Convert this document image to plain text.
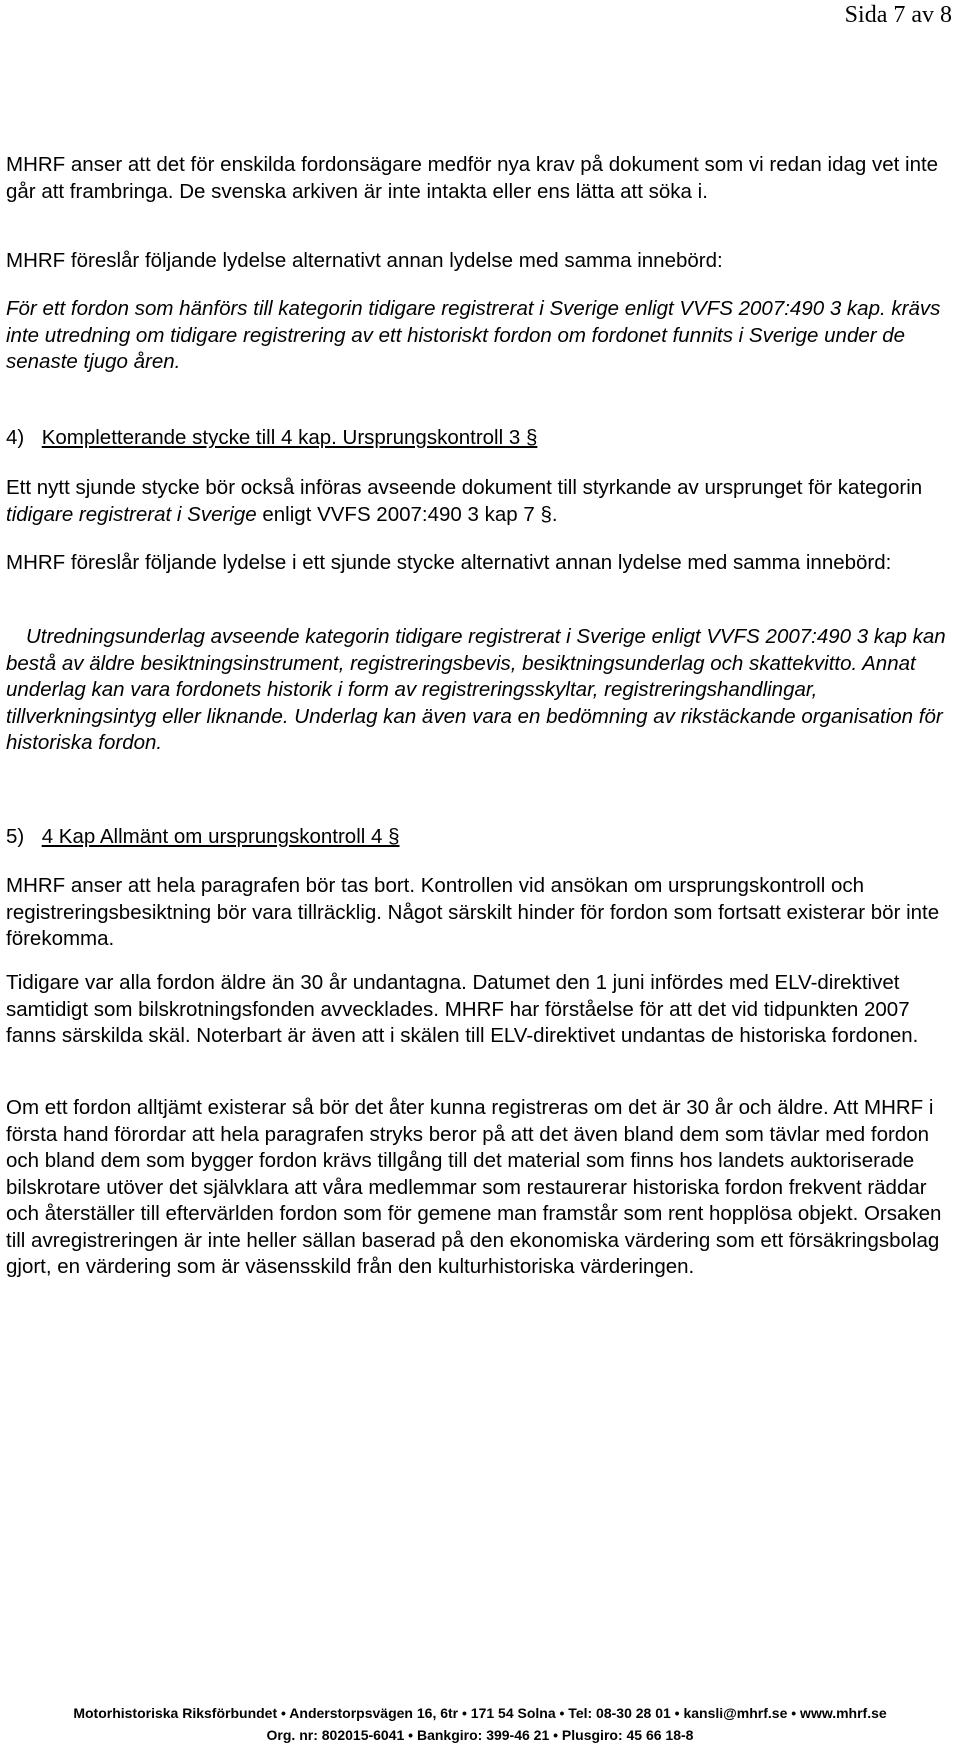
Sida 7 av 8

MHRF anser att det för enskilda fordonsägare medför nya krav på dokument som vi redan idag vet inte går att frambringa. De svenska arkiven är inte intakta eller ens lätta att söka i.

MHRF föreslår följande lydelse alternativt annan lydelse med samma innebörd:

För ett fordon som hänförs till kategorin tidigare registrerat i Sverige enligt VVFS 2007:490 3 kap. krävs inte utredning om tidigare registrering av ett historiskt fordon om fordonet funnits i Sverige under de senaste tjugo åren.

4) Kompletterande stycke till 4 kap. Ursprungskontroll 3 §

Ett nytt sjunde stycke bör också införas avseende dokument till styrkande av ursprunget för kategorin tidigare registrerat i Sverige enligt VVFS 2007:490 3 kap 7 §.

MHRF föreslår följande lydelse i ett sjunde stycke alternativt annan lydelse med samma innebörd:

Utredningsunderlag avseende kategorin tidigare registrerat i Sverige enligt VVFS 2007:490 3 kap kan bestå av äldre besiktningsinstrument, registreringsbevis, besiktningsunderlag och skattekvitto. Annat underlag kan vara fordonets historik i form av registreringsskyltar, registreringshandlingar, tillverkningsintyg eller liknande. Underlag kan även vara en bedömning av rikstäckande organisation för historiska fordon.

5) 4 Kap Allmänt om ursprungskontroll 4 §

MHRF anser att hela paragrafen bör tas bort. Kontrollen vid ansökan om ursprungskontroll och registreringsbesiktning bör vara tillräcklig. Något särskilt hinder för fordon som fortsatt existerar bör inte förekomma.

Tidigare var alla fordon äldre än 30 år undantagna. Datumet den 1 juni infördes med ELV-direktivet samtidigt som bilskrotningsfonden avvecklades. MHRF har förståelse för att det vid tidpunkten 2007 fanns särskilda skäl. Noterbart är även att i skälen till ELV-direktivet undantas de historiska fordonen.

Om ett fordon alltjämt existerar så bör det åter kunna registreras om det är 30 år och äldre. Att MHRF i första hand förordar att hela paragrafen stryks beror på att det även bland dem som tävlar med fordon och bland dem som bygger fordon krävs tillgång till det material som finns hos landets auktoriserade bilskrotare utöver det självklara att våra medlemmar som restaurerar historiska fordon frekvent räddar och återställer till eftervärlden fordon som för gemene man framstår som rent hopplösa objekt. Orsaken till avregistreringen är inte heller sällan baserad på den ekonomiska värdering som ett försäkringsbolag gjort, en värdering som är väsensskild från den kulturhistoriska värderingen.

Motorhistoriska Riksförbundet • Anderstorpsvägen 16, 6tr • 171 54 Solna • Tel: 08-30 28 01 • kansli@mhrf.se • www.mhrf.se
Org. nr: 802015-6041 • Bankgiro: 399-46 21 • Plusgiro: 45 66 18-8
